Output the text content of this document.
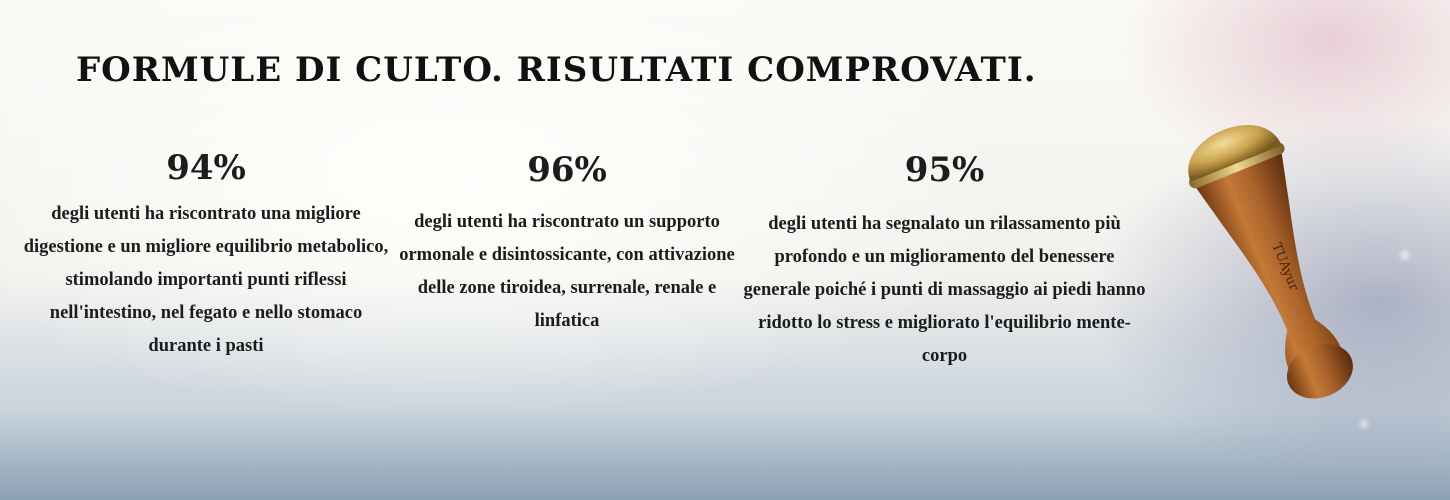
FORMULE DI CULTO. RISULTATI COMPROVATI.
94%

degli utenti ha riscontrato una migliore digestione e un migliore equilibrio metabolico, stimolando importanti punti riflessi nell'intestino, nel fegato e nello stomaco durante i pasti

96%

degli utenti ha riscontrato un supporto ormonale e disintossicante, con attivazione delle zone tiroidea, surrenale, renale e linfatica

95%

degli utenti ha segnalato un rilassamento più profondo e un miglioramento del benessere generale poiché i punti di massaggio ai piedi hanno ridotto lo stress e migliorato l'equilibrio mente-corpo

TUAyur
